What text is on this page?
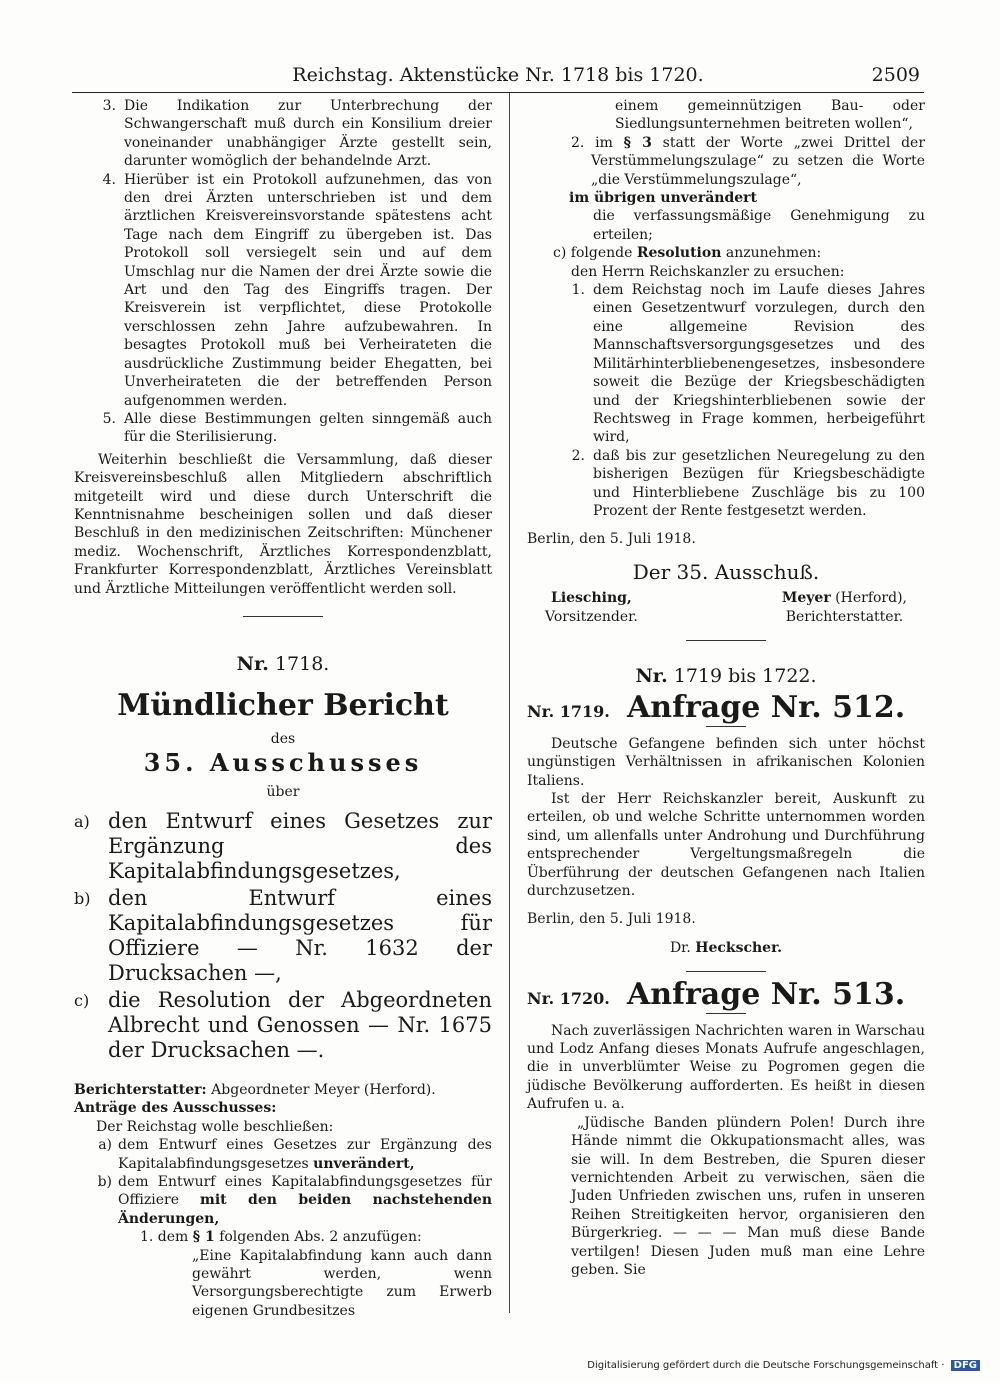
Reichstag. Aktenstücke Nr. 1718 bis 1720.	2509
3. Die Indikation zur Unterbrechung der Schwangerschaft muß durch ein Konsilium dreier voneinander unabhängiger Ärzte gestellt sein, darunter womöglich der behandelnde Arzt.
4. Hierüber ist ein Protokoll aufzunehmen, das von den drei Ärzten unterschrieben ist und dem ärztlichen Kreisvereinsvorstande spätestens acht Tage nach dem Eingriff zu übergeben ist. Das Protokoll soll versiegelt sein und auf dem Umschlag nur die Namen der drei Ärzte sowie die Art und den Tag des Eingriffs tragen. Der Kreisverein ist verpflichtet, diese Protokolle verschlossen zehn Jahre aufzubewahren. In besagtes Protokoll muß bei Verheirateten die ausdrückliche Zustimmung beider Ehegatten, bei Unverheirateten die der betreffenden Person aufgenommen werden.
5. Alle diese Bestimmungen gelten sinngemäß auch für die Sterilisierung.

Weiterhin beschließt die Versammlung, daß dieser Kreisvereinsbeschluß allen Mitgliedern abschriftlich mitgeteilt wird und diese durch Unterschrift die Kenntnisnahme bescheinigen sollen und daß dieser Beschluß in den medizinischen Zeitschriften: Münchener mediz. Wochenschrift, Ärztliches Korrespondenzblatt, Frankfurter Korrespondenzblatt, Ärztliches Vereinsblatt und Ärztliche Mitteilungen veröffentlicht werden soll.

Nr. 1718.
Mündlicher Bericht
des
35. Ausschusses
über
a) den Entwurf eines Gesetzes zur Ergänzung des Kapitalabfindungsgesetzes,
b) den Entwurf eines Kapitalabfindungsgesetzes für Offiziere — Nr. 1632 der Drucksachen —,
c) die Resolution der Abgeordneten Albrecht und Genossen — Nr. 1675 der Drucksachen —.

Berichterstatter: Abgeordneter Meyer (Herford).

Anträge des Ausschusses:

Der Reichstag wolle beschließen:

a) dem Entwurf eines Gesetzes zur Ergänzung des Kapitalabfindungsgesetzes unverändert,
b) dem Entwurf eines Kapitalabfindungsgesetzes für Offiziere mit den beiden nachstehenden Änderungen,

1. dem § 1 folgenden Abs. 2 anzufügen:

„Eine Kapitalabfindung kann auch dann gewährt werden, wenn Versorgungsberechtigte zum Erwerb eigenen Grundbesitzes

einem gemeinnützigen Bau- oder Siedlungsunternehmen beitreten wollen“,

2. im § 3 statt der Worte „zwei Drittel der Verstümmelungszulage“ zu setzen die Worte „die Verstümmelungszulage“,

im übrigen unverändert

die verfassungsmäßige Genehmigung zu erteilen;

c) folgende Resolution anzunehmen:

den Herrn Reichskanzler zu ersuchen:

1. dem Reichstag noch im Laufe dieses Jahres einen Gesetzentwurf vorzulegen, durch den eine allgemeine Revision des Mannschaftsversorgungsgesetzes und des Militärhinterbliebenengesetzes, insbesondere soweit die Bezüge der Kriegsbeschädigten und der Kriegshinterbliebenen sowie der Rechtsweg in Frage kommen, herbeigeführt wird,
2. daß bis zur gesetzlichen Neuregelung zu den bisherigen Bezügen für Kriegsbeschädigte und Hinterbliebene Zuschläge bis zu 100 Prozent der Rente festgesetzt werden.

Berlin, den 5. Juli 1918.

Der 35. Ausschuß.

Liesching,
Vorsitzender.
Meyer (Herford),
Berichterstatter.
Nr. 1719 bis 1722.
Nr. 1719. Anfrage Nr. 512.

Deutsche Gefangene befinden sich unter höchst ungünstigen Verhältnissen in afrikanischen Kolonien Italiens.

Ist der Herr Reichskanzler bereit, Auskunft zu erteilen, ob und welche Schritte unternommen worden sind, um allenfalls unter Androhung und Durchführung entsprechender Vergeltungsmaßregeln die Überführung der deutschen Gefangenen nach Italien durchzusetzen.

Berlin, den 5. Juli 1918.

Dr. Heckscher.

Nr. 1720. Anfrage Nr. 513.

Nach zuverlässigen Nachrichten waren in Warschau und Lodz Anfang dieses Monats Aufrufe angeschlagen, die in unverblümter Weise zu Pogromen gegen die jüdische Bevölkerung aufforderten. Es heißt in diesen Aufrufen u. a.

„Jüdische Banden plündern Polen! Durch ihre Hände nimmt die Okkupationsmacht alles, was sie will. In dem Bestreben, die Spuren dieser vernichtenden Arbeit zu verwischen, säen die Juden Unfrieden zwischen uns, rufen in unseren Reihen Streitigkeiten hervor, organisieren den Bürgerkrieg. — — — Man muß diese Bande vertilgen! Diesen Juden muß man eine Lehre geben. Sie

Digitalisierung gefördert durch die Deutsche Forschungsgemeinschaft · DFG
